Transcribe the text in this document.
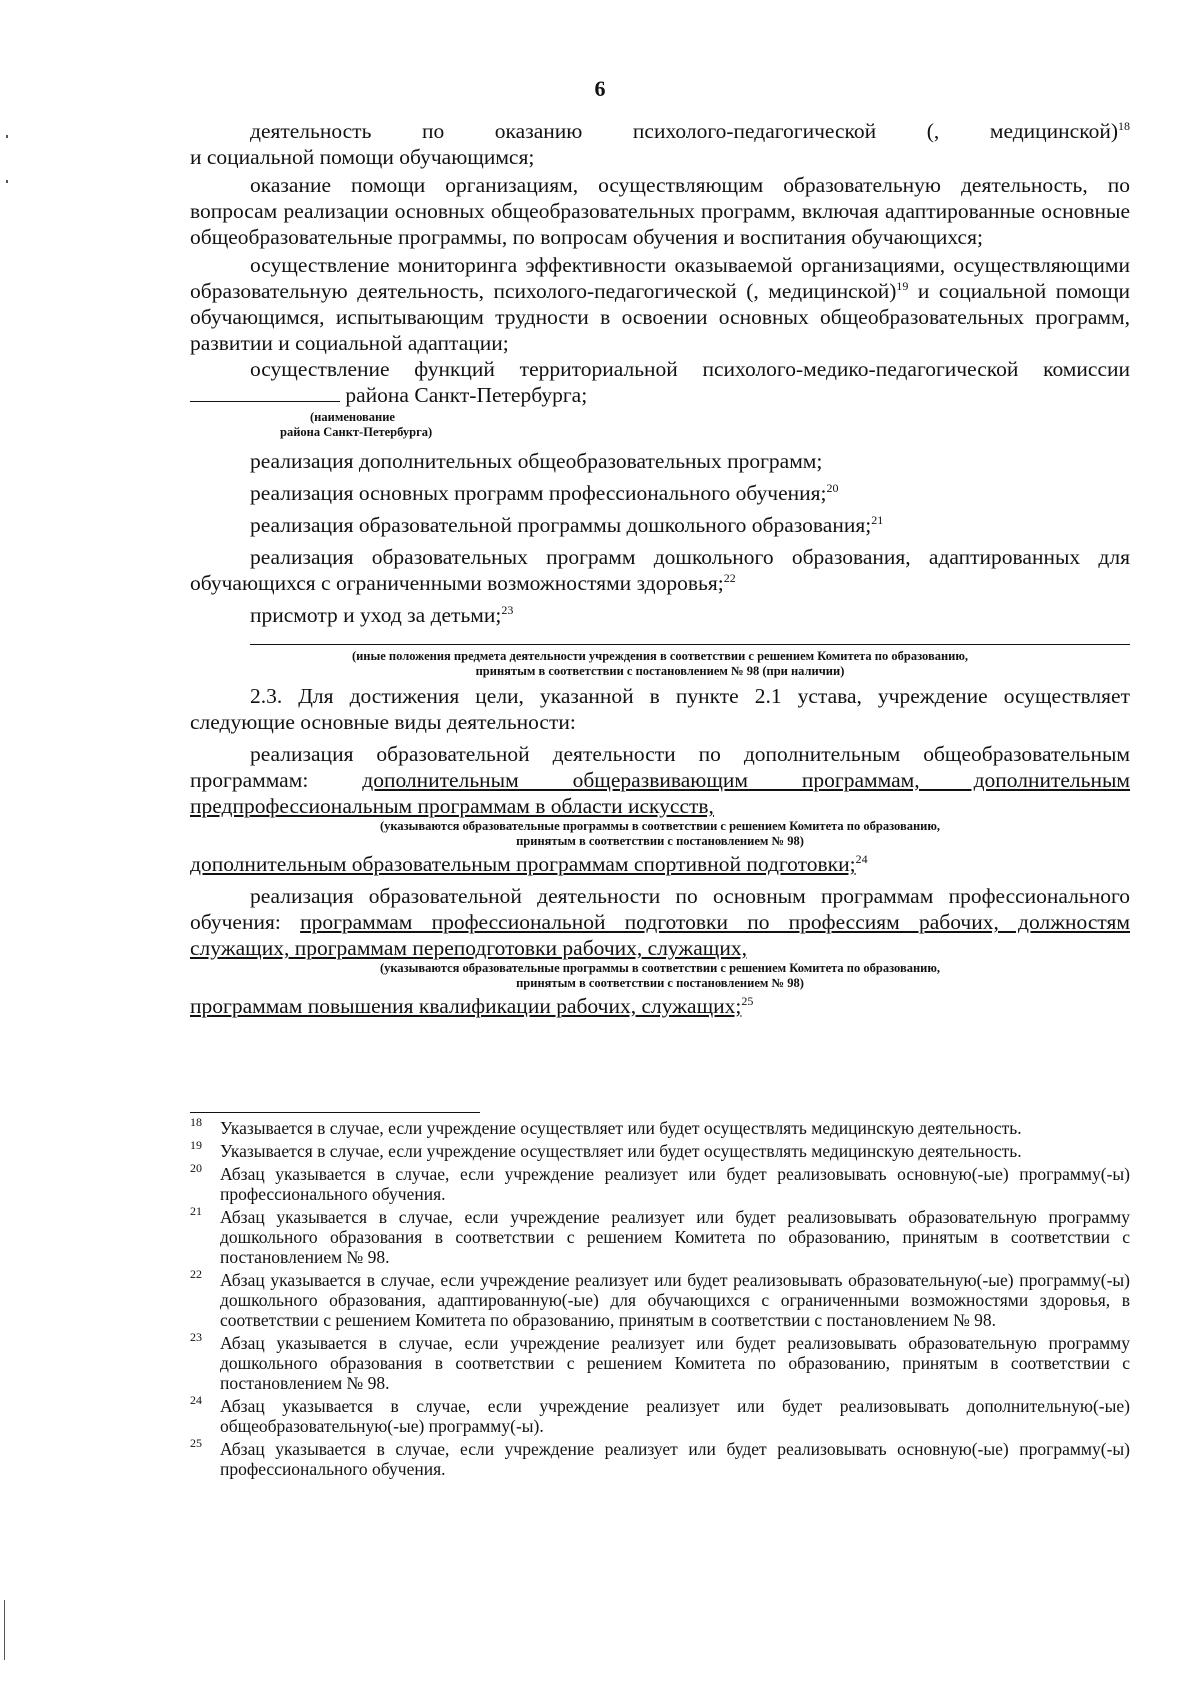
6

деятельность по оказанию психолого-педагогической (, медицинской)$^{18}$

и социальной помощи обучающимся;

оказание помощи организациям, осуществляющим образовательную деятельность, по вопросам реализации основных общеобразовательных программ, включая адаптированные основные общеобразовательные программы, по вопросам обучения и воспитания обучающихся;

осуществление мониторинга эффективности оказываемой организациями, осуществляющими образовательную деятельность, психолого-педагогической (, медицинской)$^{19}$ и социальной помощи обучающимся, испытывающим трудности в освоении основных общеобразовательных программ, развитии и социальной адаптации;

осуществление функций территориальной психолого-медико-педагогической комиссии  района Санкт-Петербурга;

(наименование
района Санкт-Петербурга)

реализация дополнительных общеобразовательных программ;

реализация основных программ профессионального обучения;$^{20}$

реализация образовательной программы дошкольного образования;$^{21}$

реализация образовательных программ дошкольного образования, адаптированных для обучающихся с ограниченными возможностями здоровья;$^{22}$

присмотр и уход за детьми;$^{23}$

(иные положения предмета деятельности учреждения в соответствии с решением Комитета по образованию,
принятым в соответствии с постановлением № 98 (при наличии)

2.3. Для достижения цели, указанной в пункте 2.1 устава, учреждение осуществляет следующие основные виды деятельности:

реализация образовательной деятельности по дополнительным общеобразовательным программам: дополнительным общеразвивающим программам, дополнительным предпрофессиональным программам в области искусств,

(указываются образовательные программы в соответствии с решением Комитета по образованию,
принятым в соответствии с постановлением № 98)

дополнительным образовательным программам спортивной подготовки;$^{24}$

реализация образовательной деятельности по основным программам профессионального обучения: программам профессиональной подготовки по профессиям рабочих, должностям служащих, программам переподготовки рабочих, служащих,

(указываются образовательные программы в соответствии с решением Комитета по образованию,
принятым в соответствии с постановлением № 98)

программам повышения квалификации рабочих, служащих;$^{25}$

18 Указывается в случае, если учреждение осуществляет или будет осуществлять медицинскую деятельность.
19 Указывается в случае, если учреждение осуществляет или будет осуществлять медицинскую деятельность.
20 Абзац указывается в случае, если учреждение реализует или будет реализовывать основную(-ые) программу(-ы) профессионального обучения.
21 Абзац указывается в случае, если учреждение реализует или будет реализовывать образовательную программу дошкольного образования в соответствии с решением Комитета по образованию, принятым в соответствии с постановлением № 98.
22 Абзац указывается в случае, если учреждение реализует или будет реализовывать образовательную(-ые) программу(-ы) дошкольного образования, адаптированную(-ые) для обучающихся с ограниченными возможностями здоровья, в соответствии с решением Комитета по образованию, принятым в соответствии с постановлением № 98.
23 Абзац указывается в случае, если учреждение реализует или будет реализовывать образовательную программу дошкольного образования в соответствии с решением Комитета по образованию, принятым в соответствии с постановлением № 98.
24 Абзац указывается в случае, если учреждение реализует или будет реализовывать дополнительную(-ые) общеобразовательную(-ые) программу(-ы).
25 Абзац указывается в случае, если учреждение реализует или будет реализовывать основную(-ые) программу(-ы) профессионального обучения.
